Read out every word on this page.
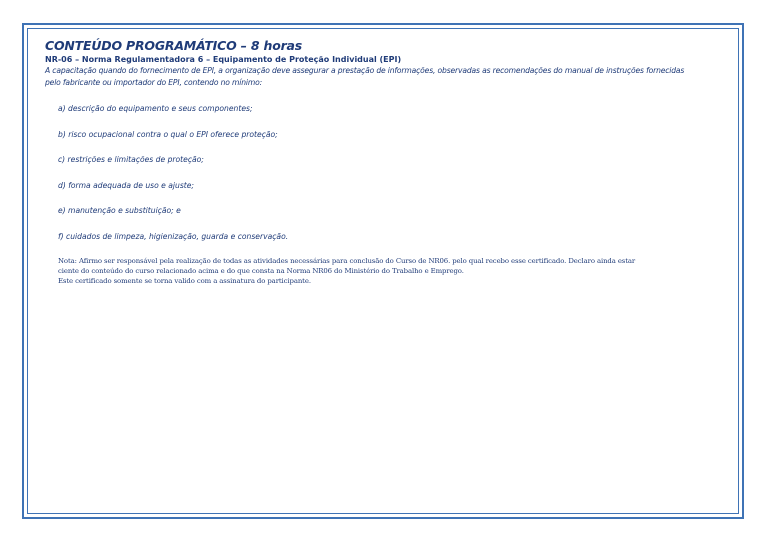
CONTEÚDO PROGRAMÁTICO – 8 horas
NR-06 – Norma Regulamentadora 6 – Equipamento de Proteção Individual (EPI)
A capacitação quando do fornecimento de EPI, a organização deve assegurar a prestação de informações, observadas as recomendações do manual de instruções fornecidas
pelo fabricante ou importador do EPI, contendo no mínimo:
a) descrição do equipamento e seus componentes;
b) risco ocupacional contra o qual o EPI oferece proteção;
c) restrições e limitações de proteção;
d) forma adequada de uso e ajuste;
e) manutenção e substituição; e
f) cuidados de limpeza, higienização, guarda e conservação.
Nota: Afirmo ser responsável pela realização de todas as atividades necessárias para conclusão do Curso de NR06. pelo qual recebo esse certificado. Declaro ainda estar
ciente do conteúdo do curso relacionado acima e do que consta na Norma NR06 do Ministério do Trabalho e Emprego.
Este certificado somente se torna valido com a assinatura do participante.
